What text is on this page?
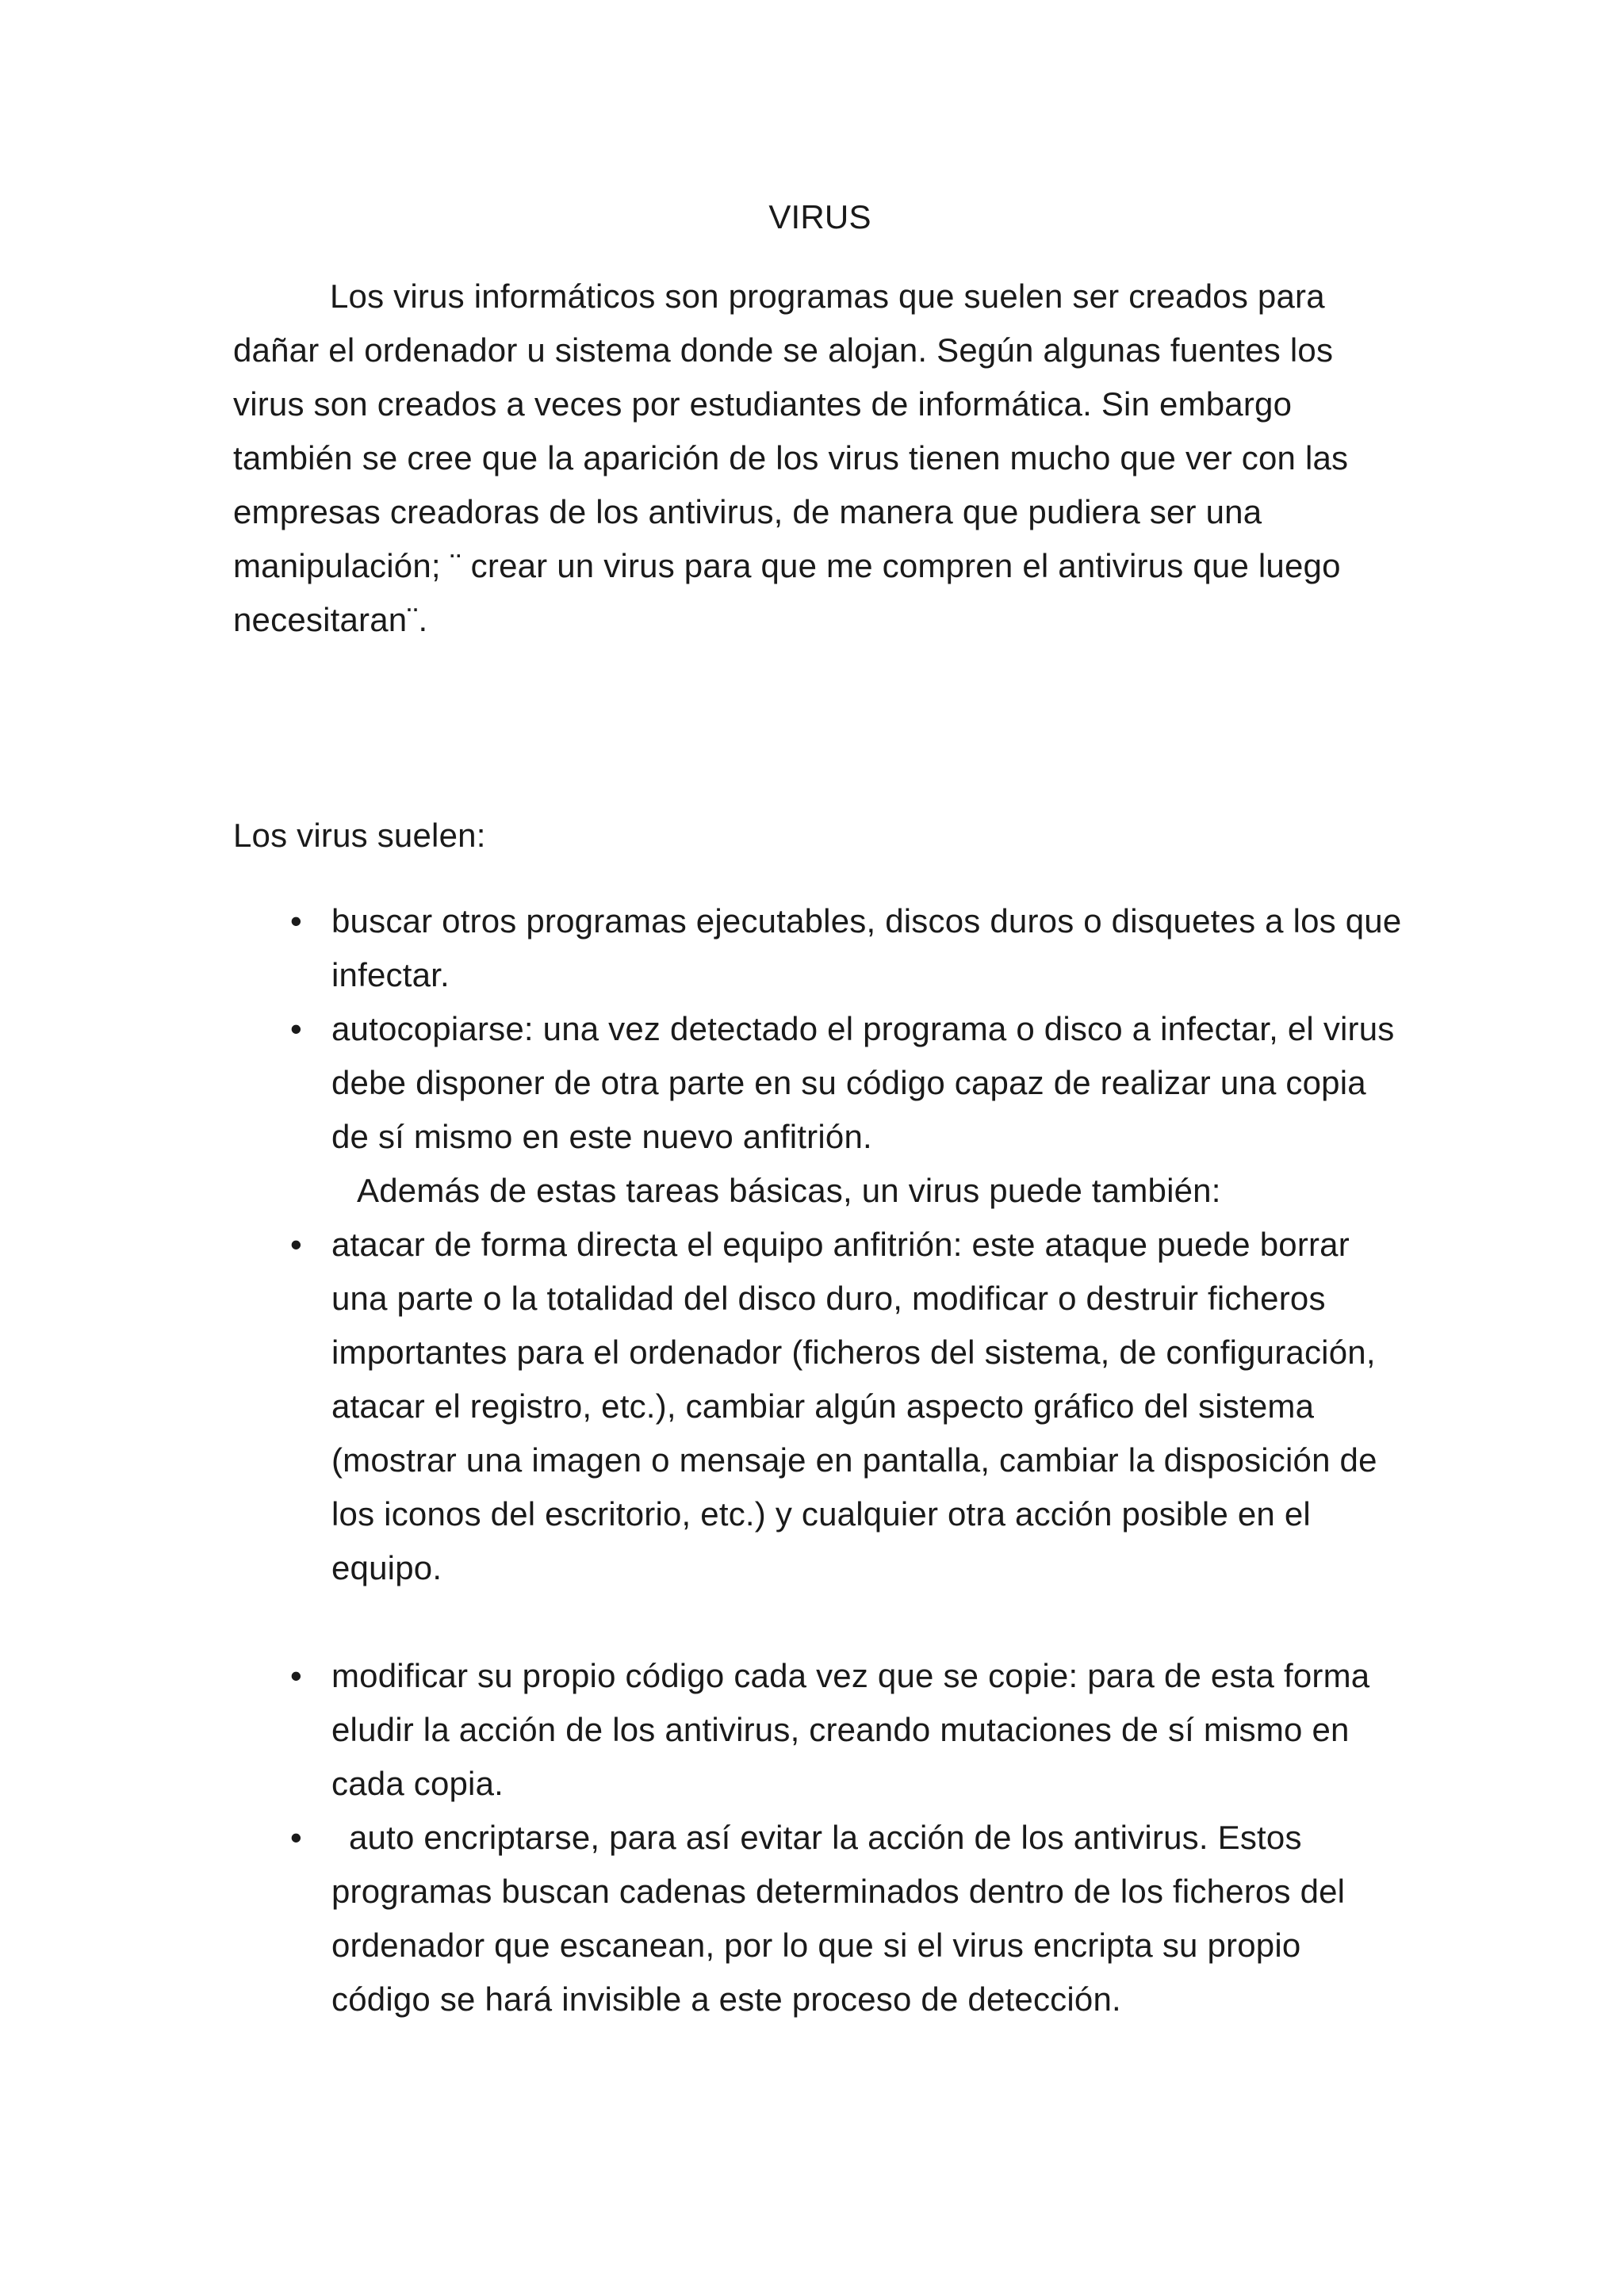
VIRUS

Los virus informáticos son programas que suelen ser creados para dañar el ordenador u sistema donde se alojan. Según algunas fuentes los virus son creados a veces por estudiantes de informática. Sin embargo también se cree que la aparición de los virus tienen mucho que ver con las empresas creadoras de los antivirus, de manera que pudiera ser una manipulación; ¨ crear un virus para que me compren el antivirus que luego necesitaran¨.

Los virus suelen:

• buscar otros programas ejecutables, discos duros o disquetes a los que infectar.
• autocopiarse: una vez detectado el programa o disco a infectar, el virus debe disponer de otra parte en su código capaz de realizar una copia de sí mismo en este nuevo anfitrión.

Además de estas tareas básicas, un virus puede también:

• atacar de forma directa el equipo anfitrión: este ataque puede borrar una parte o la totalidad del disco duro, modificar o destruir ficheros importantes para el ordenador (ficheros del sistema, de configuración, atacar el registro, etc.), cambiar algún aspecto gráfico del sistema (mostrar una imagen o mensaje en pantalla, cambiar la disposición de los iconos del escritorio, etc.) y cualquier otra acción posible en el equipo.
• modificar su propio código cada vez que se copie: para de esta forma eludir la acción de los antivirus, creando mutaciones de sí mismo en cada copia.
•	auto encriptarse, para así evitar la acción de los antivirus. Estos programas buscan cadenas determinados dentro de los ficheros del ordenador que escanean, por lo que si el virus encripta su propio código se hará invisible a este proceso de detección.
